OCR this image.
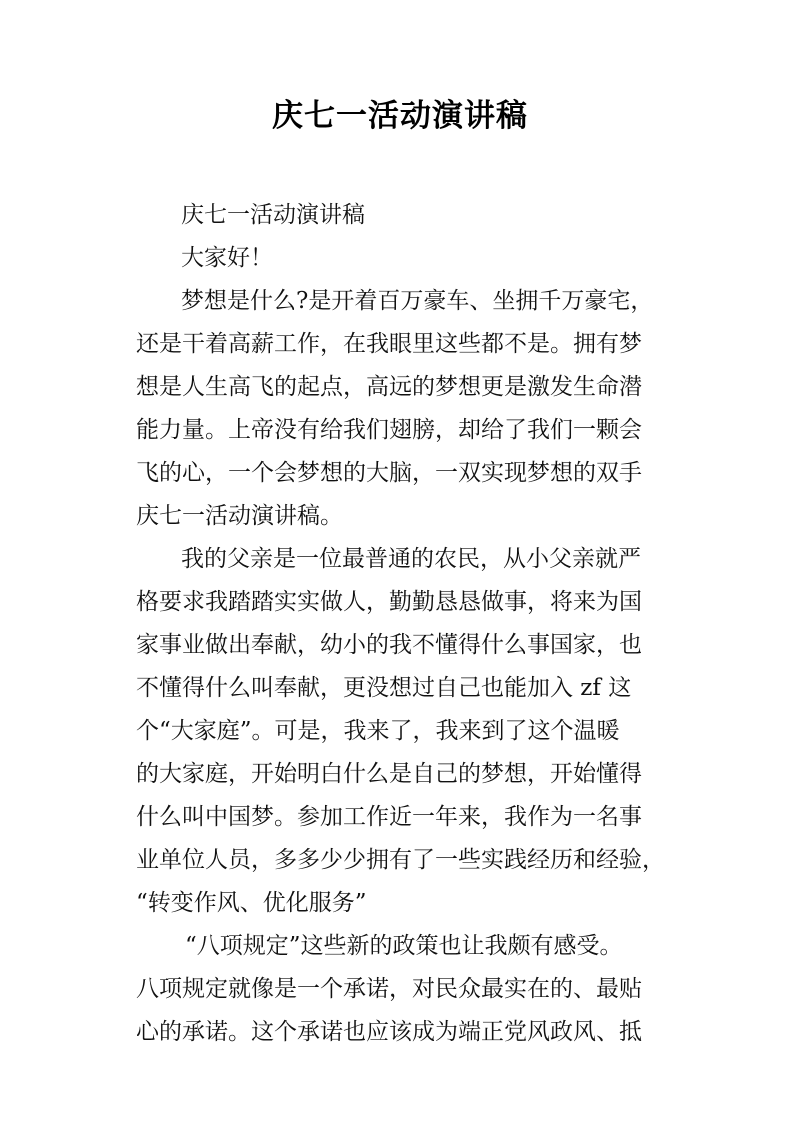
庆七一活动演讲稿
庆七一活动演讲稿
大家好！
梦想是什么?是开着百万豪车、坐拥千万豪宅，
还是干着高薪工作，在我眼里这些都不是。拥有梦
想是人生高飞的起点，高远的梦想更是激发生命潜
能力量。上帝没有给我们翅膀，却给了我们一颗会
飞的心，一个会梦想的大脑，一双实现梦想的双手
庆七一活动演讲稿。
我的父亲是一位最普通的农民，从小父亲就严
格要求我踏踏实实做人，勤勤恳恳做事，将来为国
家事业做出奉献，幼小的我不懂得什么事国家，也
不懂得什么叫奉献，更没想过自己也能加入 zf 这
个“大家庭”。可是，我来了，我来到了这个温暖
的大家庭，开始明白什么是自己的梦想，开始懂得
什么叫中国梦。参加工作近一年来，我作为一名事
业单位人员，多多少少拥有了一些实践经历和经验，
“转变作风、优化服务”
“八项规定”这些新的政策也让我颇有感受。
八项规定就像是一个承诺，对民众最实在的、最贴
心的承诺。这个承诺也应该成为端正党风政风、抵
